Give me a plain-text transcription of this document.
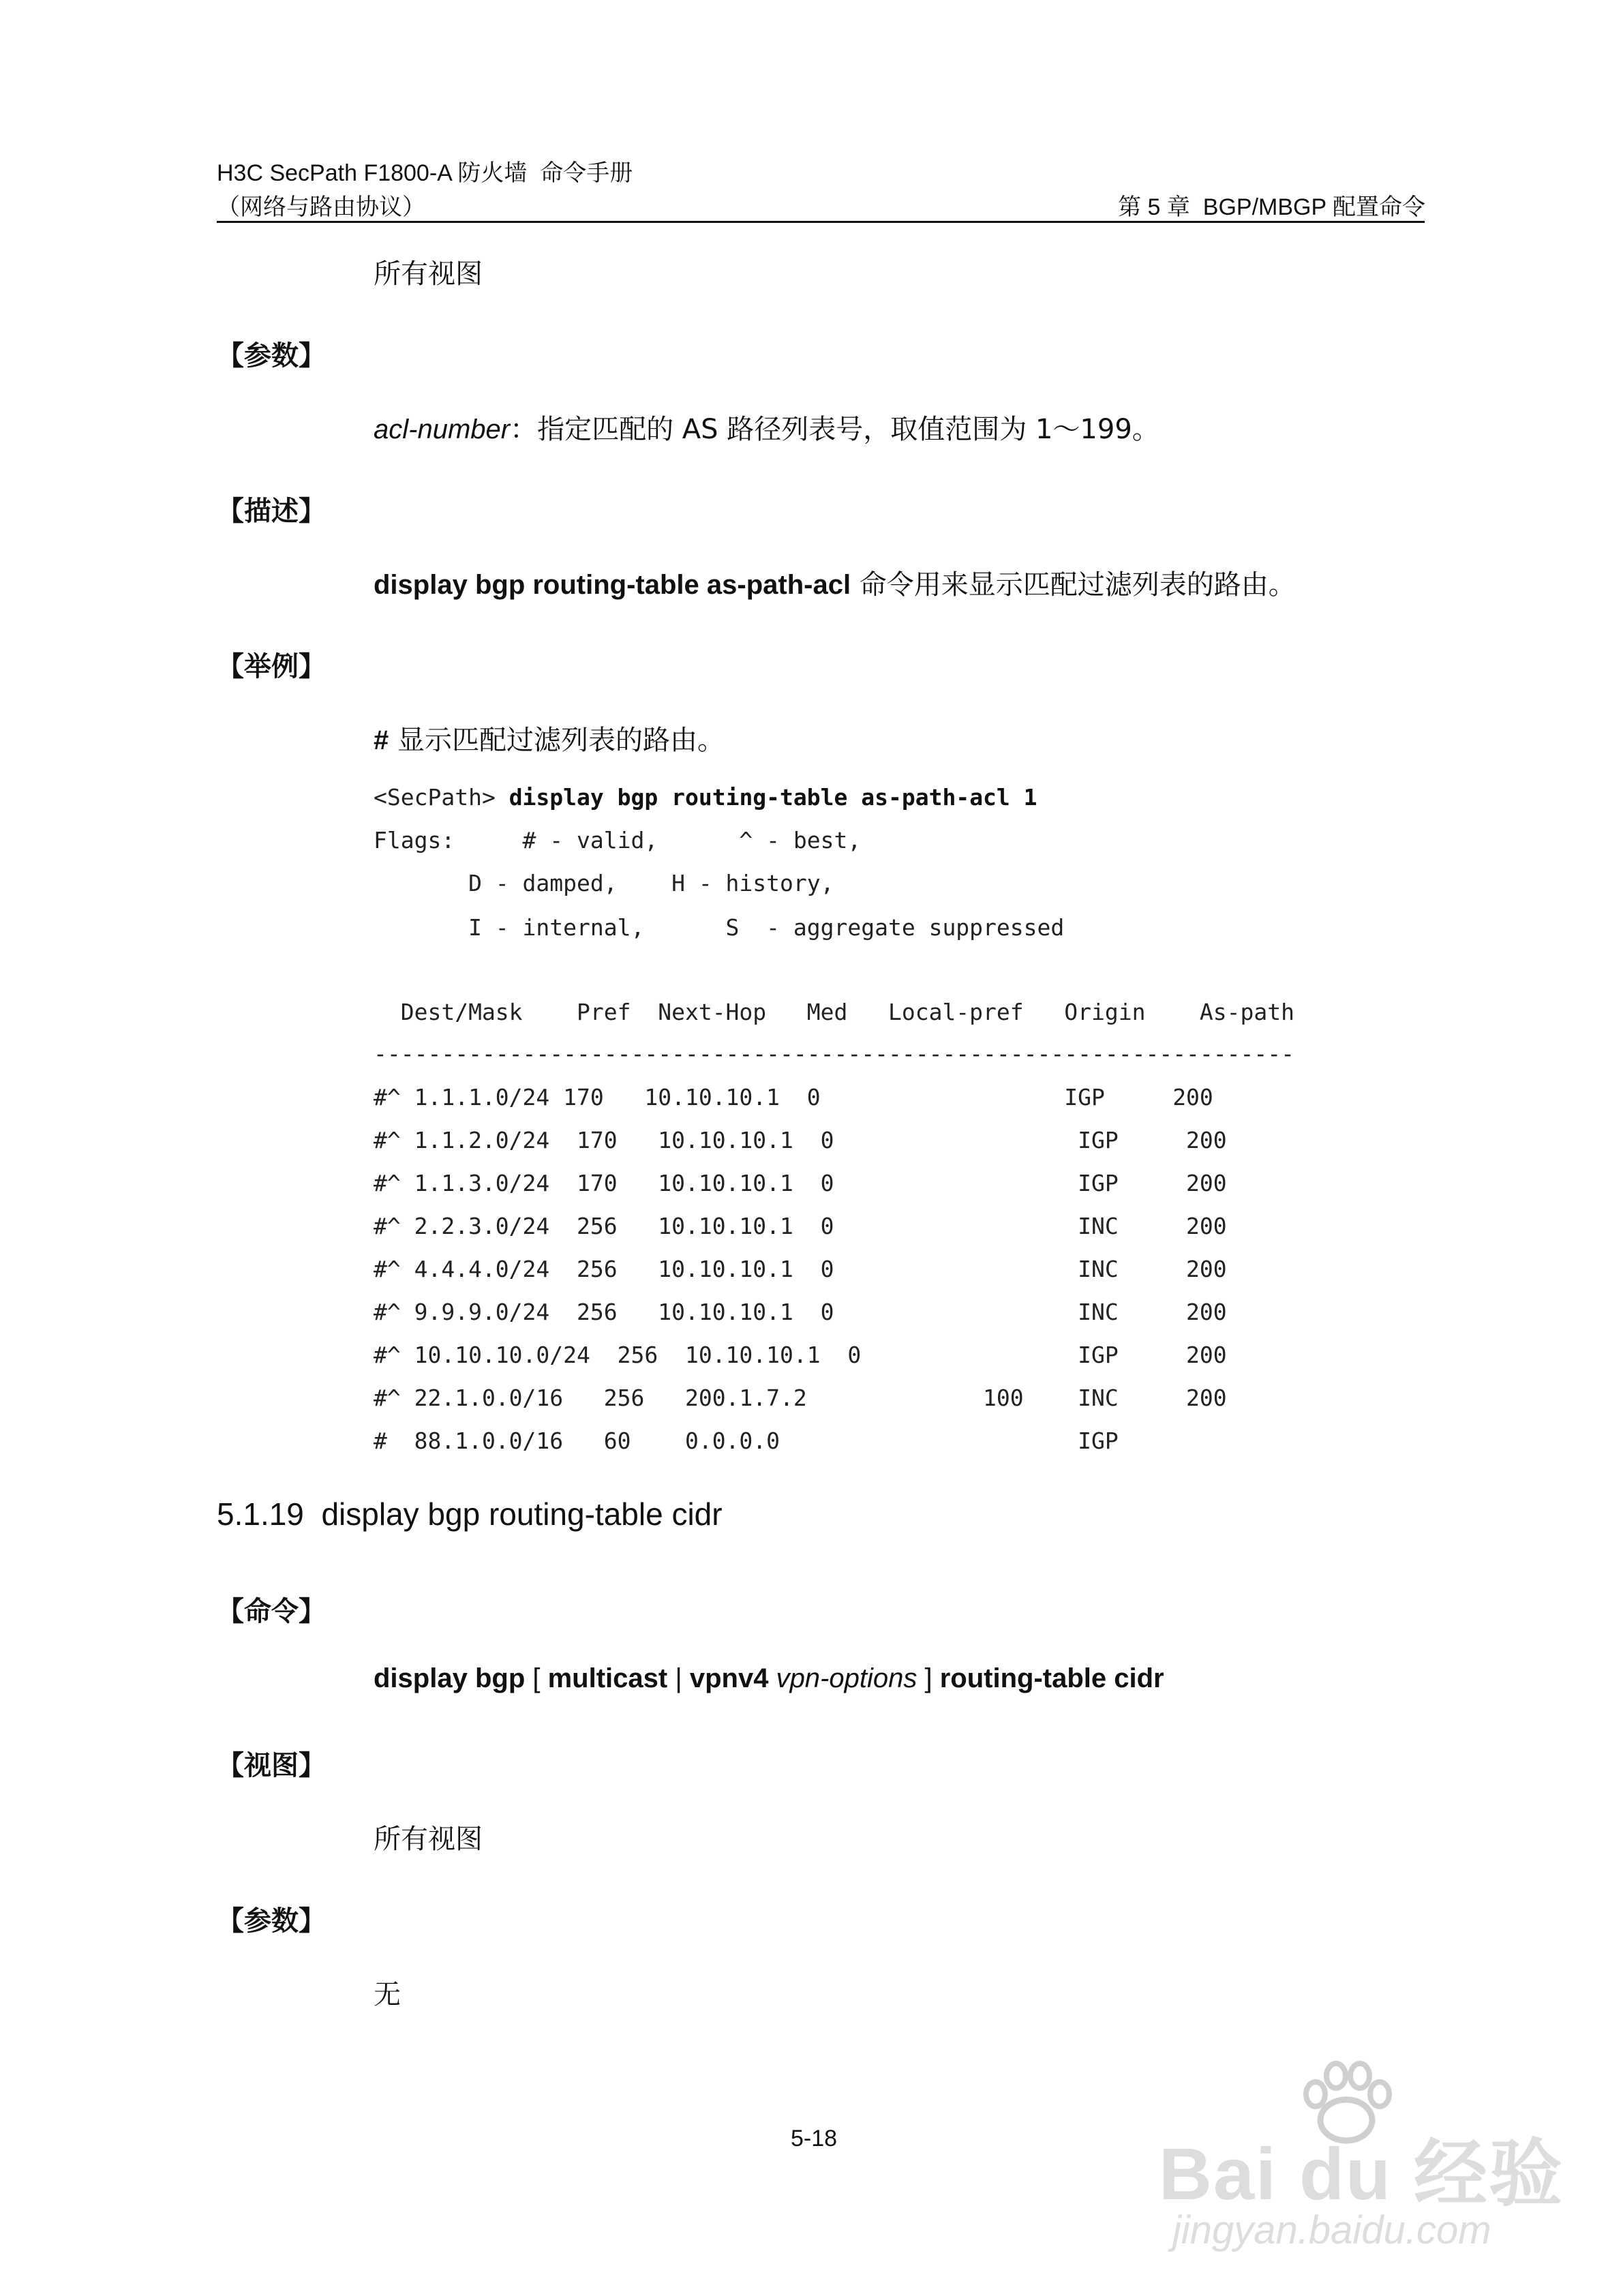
H3C SecPath F1800-A 防火墙  命令手册
（网络与路由协议）	第 5 章  BGP/MBGP 配置命令
所有视图
【参数】
acl-number：指定匹配的 AS 路径列表号，取值范围为 1～199。
【描述】
display bgp routing-table as-path-acl 命令用来显示匹配过滤列表的路由。
【举例】
# 显示匹配过滤列表的路由。
<SecPath> display bgp routing-table as-path-acl 1
Flags:     # - valid,      ^ - best,
D - damped,    H - history,
I - internal,      S  - aggregate suppressed
Dest/Mask    Pref  Next-Hop   Med   Local-pref   Origin    As-path
--------------------------------------------------------------------
#^ 1.1.1.0/24 170   10.10.10.1  0                  IGP     200
#^ 1.1.2.0/24  170   10.10.10.1  0                  IGP     200
#^ 1.1.3.0/24  170   10.10.10.1  0                  IGP     200
#^ 2.2.3.0/24  256   10.10.10.1  0                  INC     200
#^ 4.4.4.0/24  256   10.10.10.1  0                  INC     200
#^ 9.9.9.0/24  256   10.10.10.1  0                  INC     200
#^ 10.10.10.0/24  256  10.10.10.1  0                IGP     200
#^ 22.1.0.0/16   256   200.1.7.2             100    INC     200
#  88.1.0.0/16   60    0.0.0.0                      IGP
5.1.19  display bgp routing-table cidr
【命令】
display bgp [ multicast | vpnv4 vpn-options ] routing-table cidr
【视图】
所有视图
【参数】
无
5-18

	Bai du 经验

jingyan.baidu.com
